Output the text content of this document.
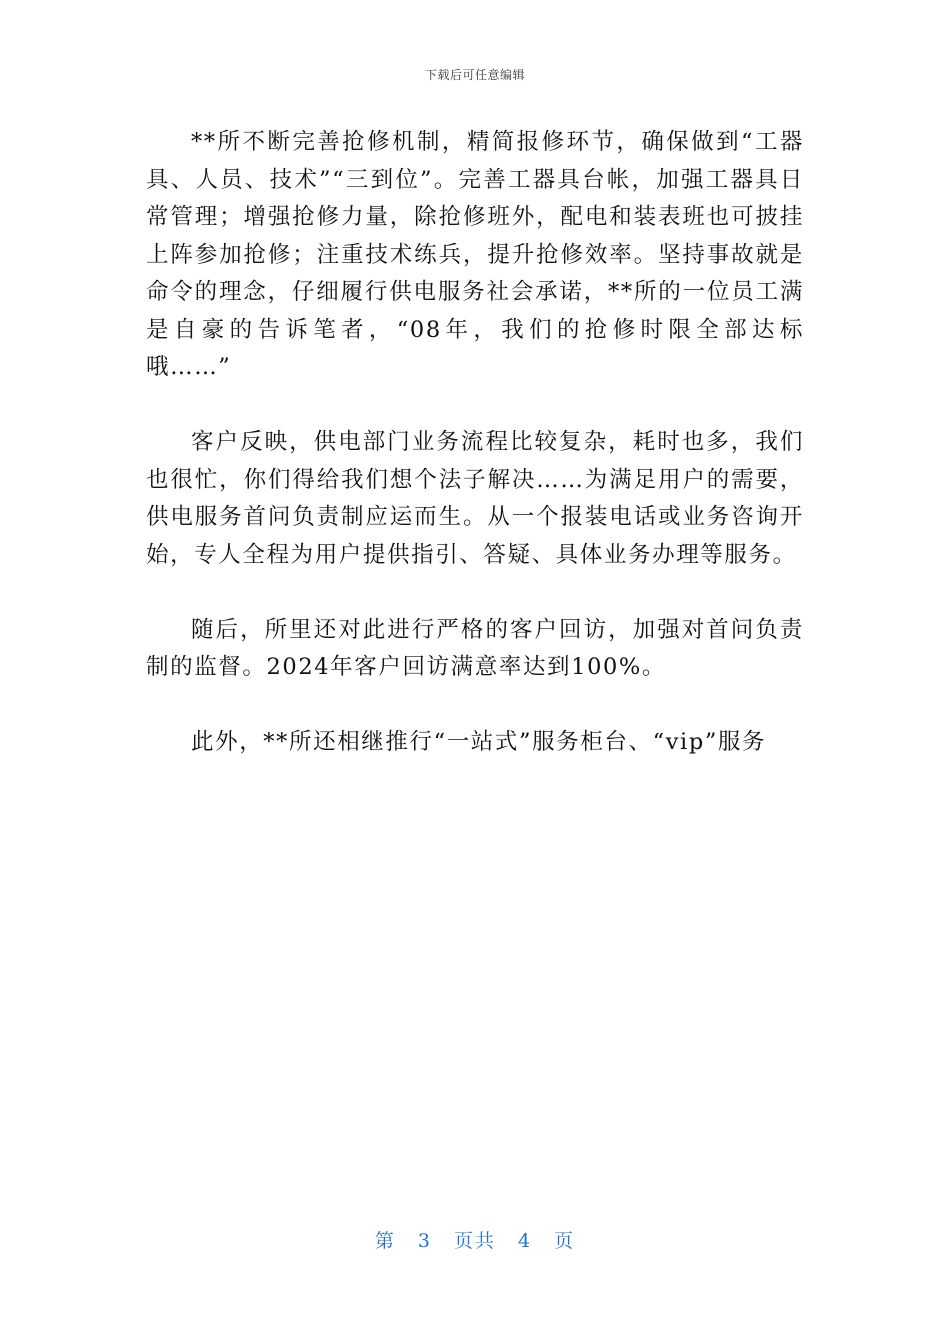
下载后可任意编辑

**所不断完善抢修机制，精简报修环节，确保做到“工器具、人员、技术”“三到位”。完善工器具台帐，加强工器具日常管理；增强抢修力量，除抢修班外，配电和装表班也可披挂上阵参加抢修；注重技术练兵，提升抢修效率。坚持事故就是命令的理念，仔细履行供电服务社会承诺，**所的一位员工满是自豪的告诉笔者，“08年，我们的抢修时限全部达标哦……”

客户反映，供电部门业务流程比较复杂，耗时也多，我们也很忙，你们得给我们想个法子解决……为满足用户的需要，供电服务首问负责制应运而生。从一个报装电话或业务咨询开始，专人全程为用户提供指引、答疑、具体业务办理等服务。

随后，所里还对此进行严格的客户回访，加强对首问负责制的监督。2024年客户回访满意率达到100%。

此外，**所还相继推行“一站式”服务柜台、“vip”服务

第 3 页共 4 页
